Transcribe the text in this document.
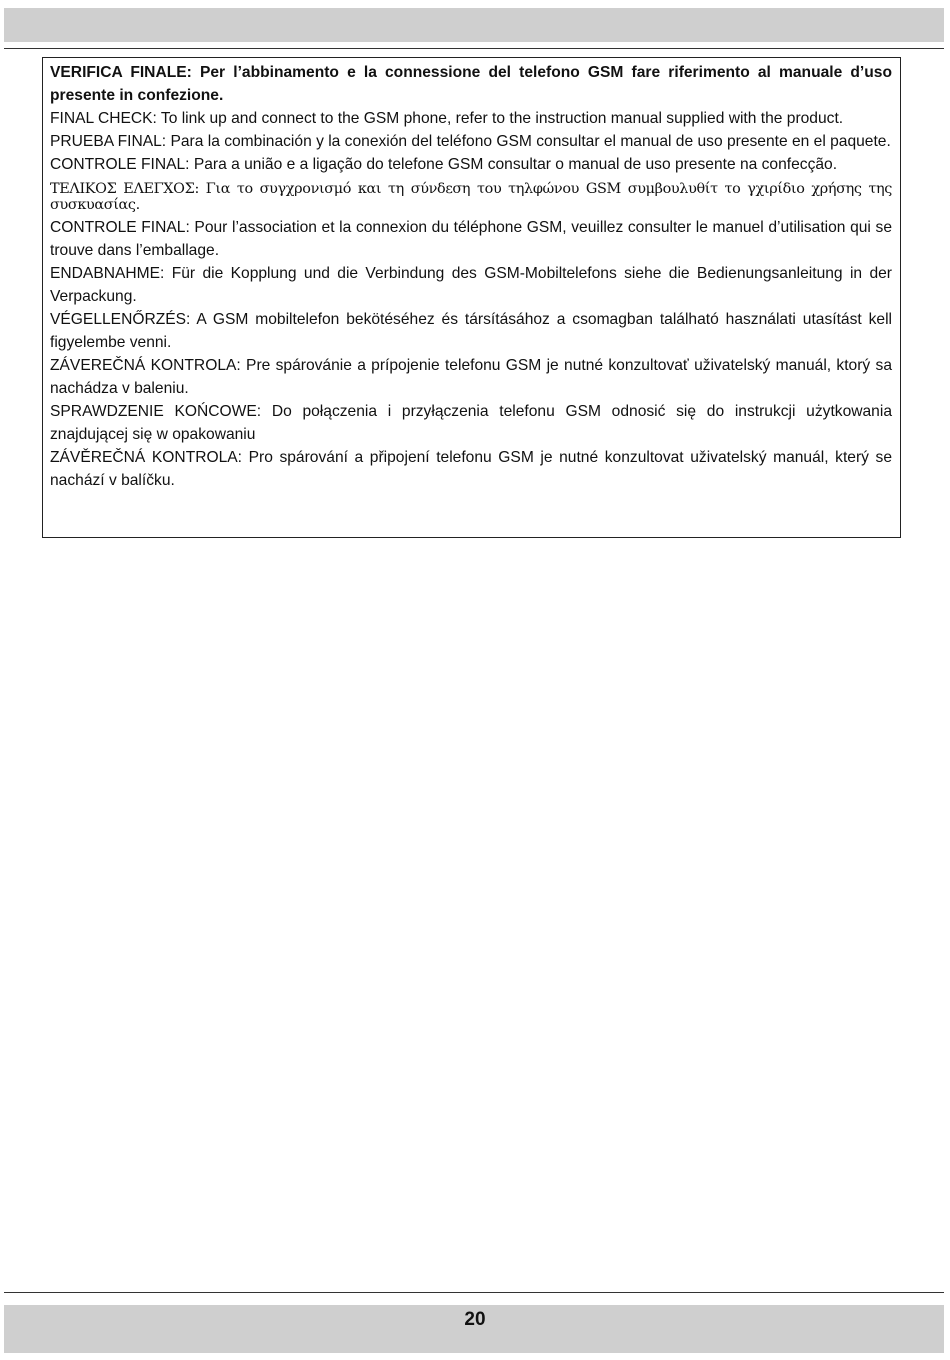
VERIFICA FINALE: Per l’abbinamento e la connessione del telefono GSM fare riferimento al manuale d’uso presente in confezione.

FINAL CHECK: To link up and connect to the GSM phone, refer to the instruction manual supplied with the product.

PRUEBA FINAL: Para la combinación y la conexión del teléfono GSM consultar el manual de uso presente en el paquete.

CONTROLE FINAL: Para a união e a ligação do telefone GSM consultar o manual de uso presente na confecção.

ΤΕΛΙΚΟΣ ΕΛΕΓΧΟΣ: Για το συγχρονισμό και τη σύνδεση του τηλφώνου GSM συμβουλυθίτ το γχιρίδιο χρήσης της συσκυασίας.

CONTROLE FINAL: Pour l’association et la connexion du téléphone GSM, veuillez consulter le manuel d’utilisation qui se trouve dans l’emballage.

ENDABNAHME: Für die Kopplung und die Verbindung des GSM-Mobiltelefons siehe die Bedienungsanleitung in der Verpackung.

VÉGELLENŐRZÉS: A GSM mobiltelefon bekötéséhez és társításához a csomagban található használati utasítást kell figyelembe venni.

ZÁVEREČNÁ KONTROLA: Pre spárovánie a prípojenie telefonu GSM je nutné konzultovať uživatelský manuál, ktorý sa nachádza v baleniu.

SPRAWDZENIE KOŃCOWE: Do połączenia i przyłączenia telefonu GSM odnosić się do instrukcji użytkowania znajdującej się w opakowaniu

ZÁVĚREČNÁ KONTROLA: Pro spárování a připojení telefonu GSM je nutné konzultovat uživatelský manuál, který se nachází v balíčku.

20
